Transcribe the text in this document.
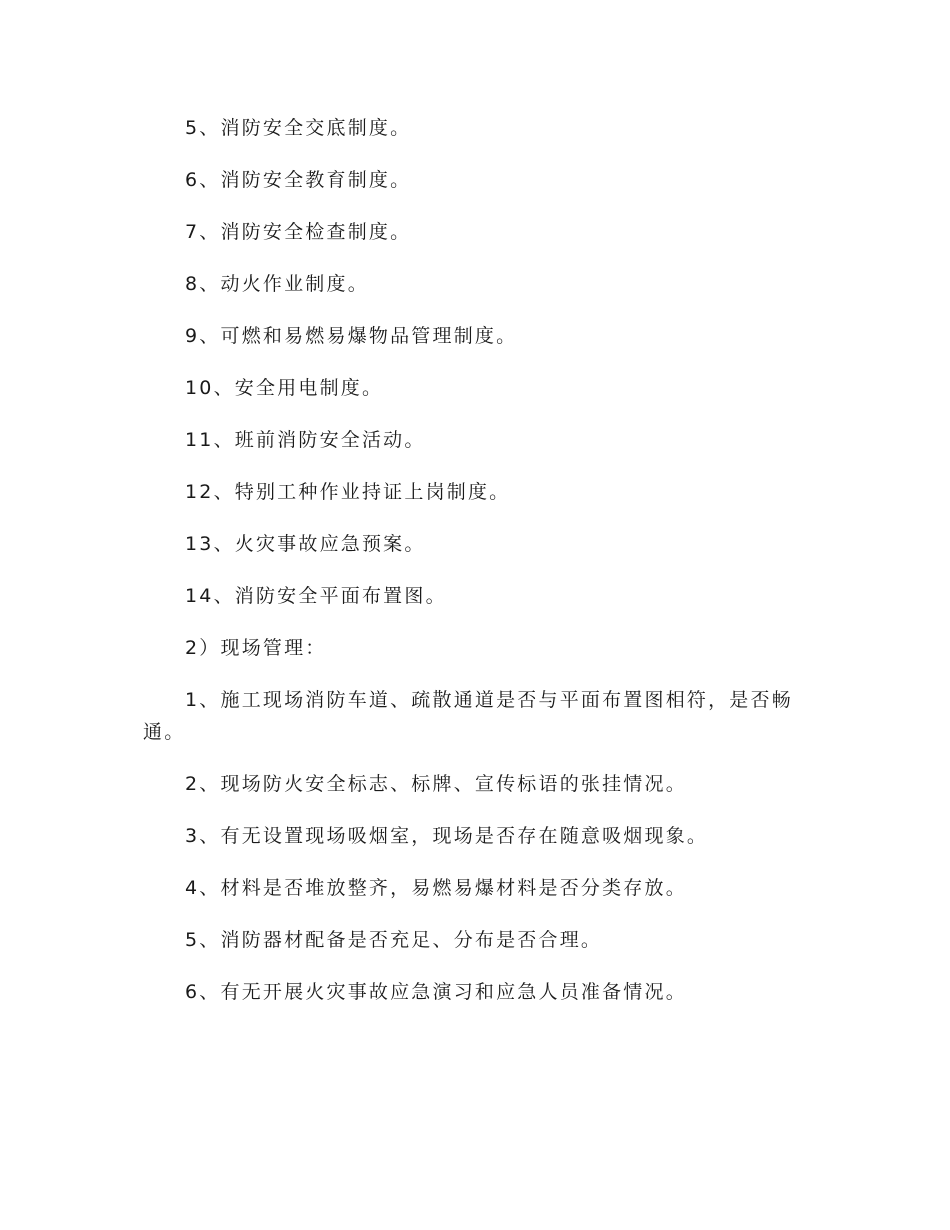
5、消防安全交底制度。

6、消防安全教育制度。

7、消防安全检查制度。

8、动火作业制度。

9、可燃和易燃易爆物品管理制度。

10、安全用电制度。

11、班前消防安全活动。

12、特别工种作业持证上岗制度。

13、火灾事故应急预案。

14、消防安全平面布置图。

2）现场管理：

1、施工现场消防车道、疏散通道是否与平面布置图相符，是否畅通。

2、现场防火安全标志、标牌、宣传标语的张挂情况。

3、有无设置现场吸烟室，现场是否存在随意吸烟现象。

4、材料是否堆放整齐，易燃易爆材料是否分类存放。

5、消防器材配备是否充足、分布是否合理。

6、有无开展火灾事故应急演习和应急人员准备情况。
